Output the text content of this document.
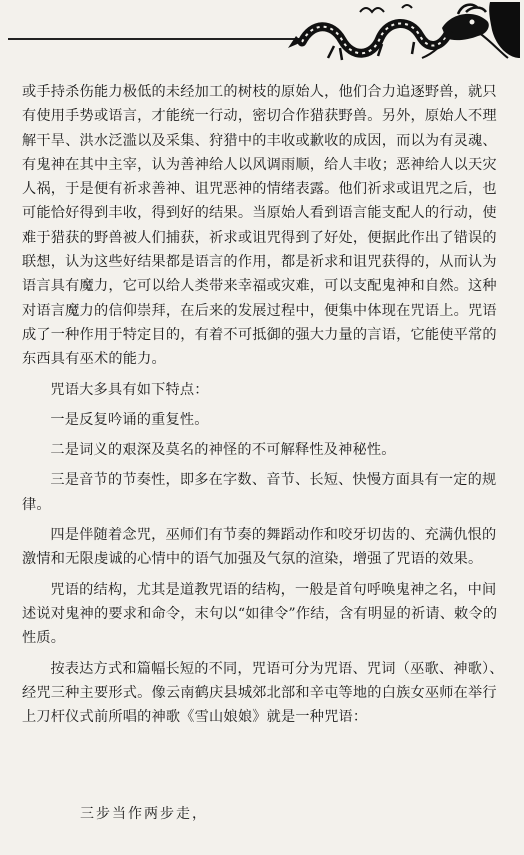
或手持杀伤能力极低的未经加工的树枝的原始人，他们合力追逐野兽，就只有使用手势或语言，才能统一行动，密切合作猎获野兽。另外，原始人不理解干旱、洪水泛滥以及采集、狩猎中的丰收或歉收的成因，而以为有灵魂、有鬼神在其中主宰，认为善神给人以风调雨顺，给人丰收；恶神给人以天灾人祸，于是便有祈求善神、诅咒恶神的情绪表露。他们祈求或诅咒之后，也可能恰好得到丰收，得到好的结果。当原始人看到语言能支配人的行动，使难于猎获的野兽被人们捕获，祈求或诅咒得到了好处，便据此作出了错误的联想，认为这些好结果都是语言的作用，都是祈求和诅咒获得的，从而认为语言具有魔力，它可以给人类带来幸福或灾难，可以支配鬼神和自然。这种对语言魔力的信仰崇拜，在后来的发展过程中，便集中体现在咒语上。咒语成了一种作用于特定目的，有着不可抵御的强大力量的言语，它能使平常的东西具有巫术的能力。

咒语大多具有如下特点：

一是反复吟诵的重复性。

二是词义的艰深及莫名的神怪的不可解释性及神秘性。

三是音节的节奏性，即多在字数、音节、长短、快慢方面具有一定的规律。

四是伴随着念咒，巫师们有节奏的舞蹈动作和咬牙切齿的、充满仇恨的激情和无限虔诚的心情中的语气加强及气氛的渲染，增强了咒语的效果。

咒语的结构，尤其是道教咒语的结构，一般是首句呼唤鬼神之名，中间述说对鬼神的要求和命令，末句以“如律令”作结，含有明显的祈请、敕令的性质。

按表达方式和篇幅长短的不同，咒语可分为咒语、咒词（巫歌、神歌）、经咒三种主要形式。像云南鹤庆县城郊北部和辛屯等地的白族女巫师在举行上刀杆仪式前所唱的神歌《雪山娘娘》就是一种咒语：

三步当作两步走，
